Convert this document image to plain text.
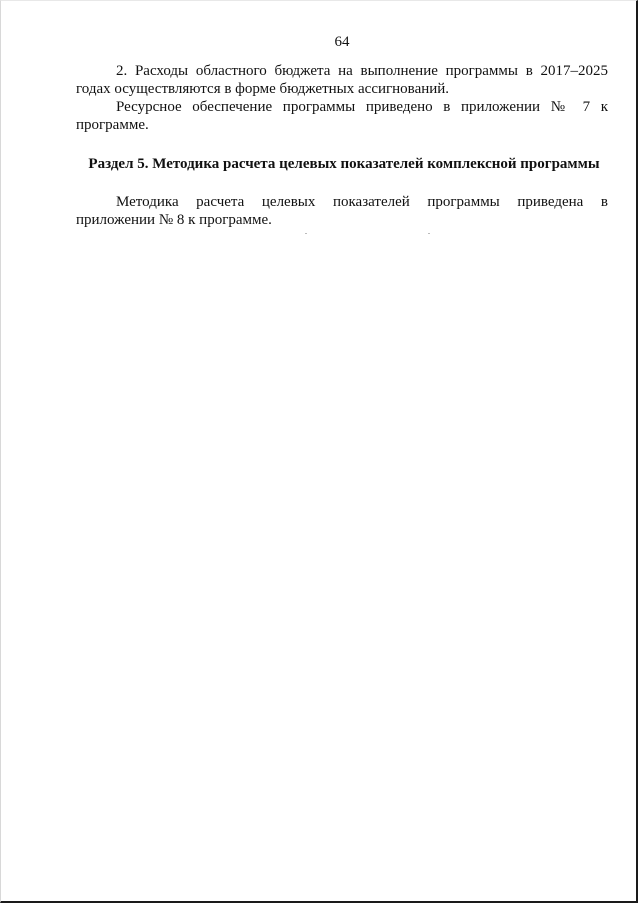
64

2. Расходы областного бюджета на выполнение программы в 2017–2025
годах осуществляются в форме бюджетных ассигнований.

Ресурсное обеспечение программы приведено в приложении № 7 к
программе.

Раздел 5. Методика расчета целевых показателей комплексной программы

Методика расчета целевых показателей программы приведена в
приложении № 8 к программе.
